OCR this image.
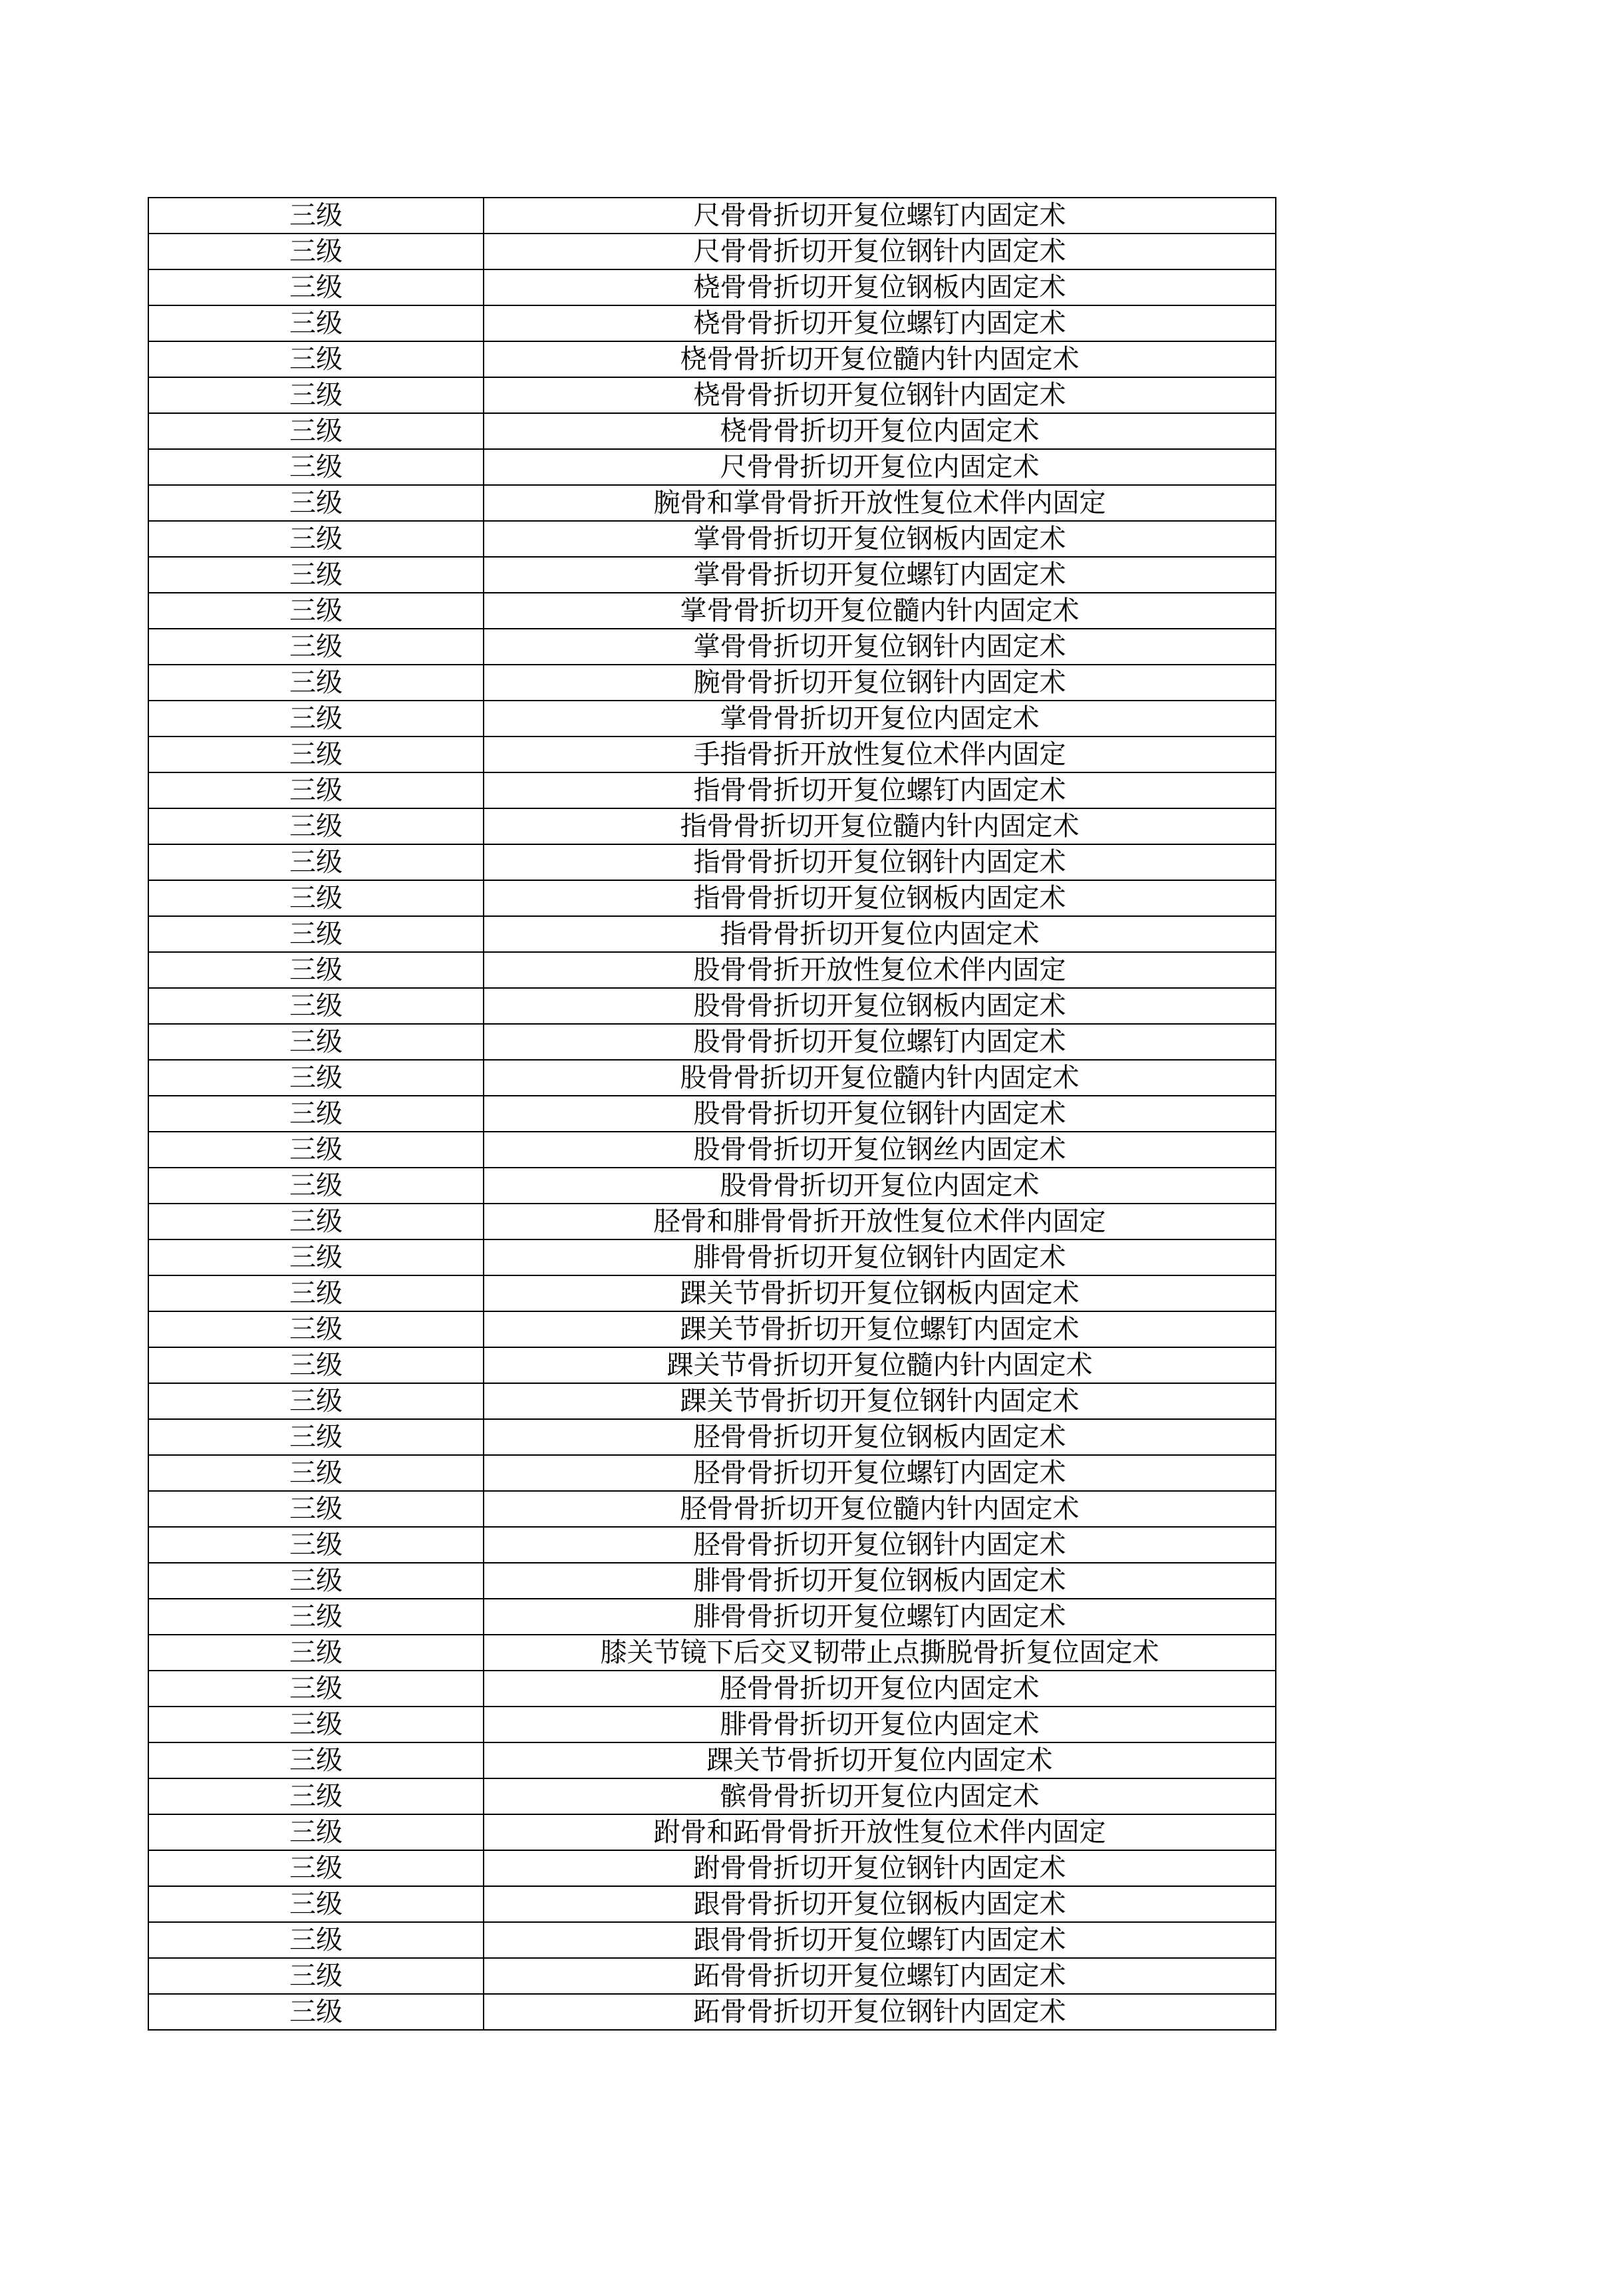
三级	尺骨骨折切开复位螺钉内固定术
三级	尺骨骨折切开复位钢针内固定术
三级	桡骨骨折切开复位钢板内固定术
三级	桡骨骨折切开复位螺钉内固定术
三级	桡骨骨折切开复位髓内针内固定术
三级	桡骨骨折切开复位钢针内固定术
三级	桡骨骨折切开复位内固定术
三级	尺骨骨折切开复位内固定术
三级	腕骨和掌骨骨折开放性复位术伴内固定
三级	掌骨骨折切开复位钢板内固定术
三级	掌骨骨折切开复位螺钉内固定术
三级	掌骨骨折切开复位髓内针内固定术
三级	掌骨骨折切开复位钢针内固定术
三级	腕骨骨折切开复位钢针内固定术
三级	掌骨骨折切开复位内固定术
三级	手指骨折开放性复位术伴内固定
三级	指骨骨折切开复位螺钉内固定术
三级	指骨骨折切开复位髓内针内固定术
三级	指骨骨折切开复位钢针内固定术
三级	指骨骨折切开复位钢板内固定术
三级	指骨骨折切开复位内固定术
三级	股骨骨折开放性复位术伴内固定
三级	股骨骨折切开复位钢板内固定术
三级	股骨骨折切开复位螺钉内固定术
三级	股骨骨折切开复位髓内针内固定术
三级	股骨骨折切开复位钢针内固定术
三级	股骨骨折切开复位钢丝内固定术
三级	股骨骨折切开复位内固定术
三级	胫骨和腓骨骨折开放性复位术伴内固定
三级	腓骨骨折切开复位钢针内固定术
三级	踝关节骨折切开复位钢板内固定术
三级	踝关节骨折切开复位螺钉内固定术
三级	踝关节骨折切开复位髓内针内固定术
三级	踝关节骨折切开复位钢针内固定术
三级	胫骨骨折切开复位钢板内固定术
三级	胫骨骨折切开复位螺钉内固定术
三级	胫骨骨折切开复位髓内针内固定术
三级	胫骨骨折切开复位钢针内固定术
三级	腓骨骨折切开复位钢板内固定术
三级	腓骨骨折切开复位螺钉内固定术
三级	膝关节镜下后交叉韧带止点撕脱骨折复位固定术
三级	胫骨骨折切开复位内固定术
三级	腓骨骨折切开复位内固定术
三级	踝关节骨折切开复位内固定术
三级	髌骨骨折切开复位内固定术
三级	跗骨和跖骨骨折开放性复位术伴内固定
三级	跗骨骨折切开复位钢针内固定术
三级	跟骨骨折切开复位钢板内固定术
三级	跟骨骨折切开复位螺钉内固定术
三级	跖骨骨折切开复位螺钉内固定术
三级	跖骨骨折切开复位钢针内固定术
